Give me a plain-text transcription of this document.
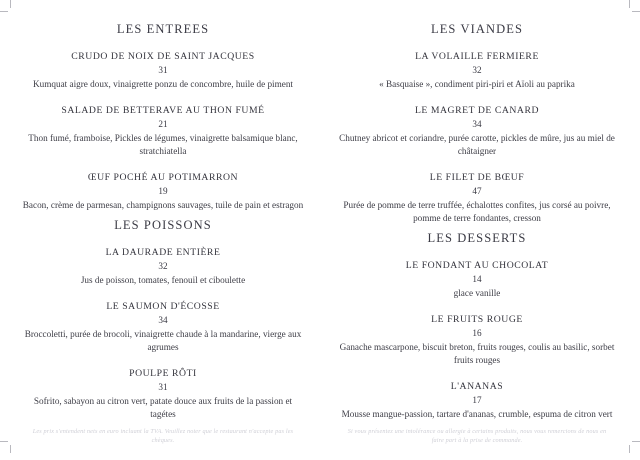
LES ENTREES
CRUDO DE NOIX DE SAINT JACQUES
31
Kumquat aigre doux, vinaigrette ponzu de concombre, huile de piment
SALADE DE BETTERAVE AU THON FUMÉ
21
Thon fumé, framboise, Pickles de légumes, vinaigrette balsamique blanc, stratchiatella
ŒUF POCHÉ AU POTIMARRON
19
Bacon, crème de parmesan, champignons sauvages, tuile de pain et estragon
LES POISSONS
LA DAURADE ENTIÈRE
32
Jus de poisson, tomates, fenouil et ciboulette
LE SAUMON D'ÉCOSSE
34
Broccoletti, purée de brocoli, vinaigrette chaude à la mandarine, vierge aux agrumes
POULPE RÔTI
31
Sofrito, sabayon au citron vert, patate douce aux fruits de la passion et tagétes
Les prix s'entendent nets en euro incluant la TVA. Veuillez noter que le restaurant n'accepte pas les chèques.
LES VIANDES
LA VOLAILLE FERMIERE
32
« Basquaise », condiment piri-piri et Aïoli au paprika
LE MAGRET DE CANARD
34
Chutney abricot et coriandre, purée carotte, pickles de mûre, jus au miel de châtaigner
LE FILET DE BŒUF
47
Purée de pomme de terre truffée, échalottes confites, jus corsé au poivre, pomme de terre fondantes, cresson
LES DESSERTS
LE FONDANT AU CHOCOLAT
14
glace vanille
LE FRUITS ROUGE
16
Ganache mascarpone, biscuit breton, fruits rouges, coulis au basilic, sorbet fruits rouges
L'ANANAS
17
Mousse mangue-passion, tartare d'ananas, crumble, espuma de citron vert
Si vous présentez une intolérance ou allergie à certains produits, nous vous remercions de nous en faire part à la prise de commande.
